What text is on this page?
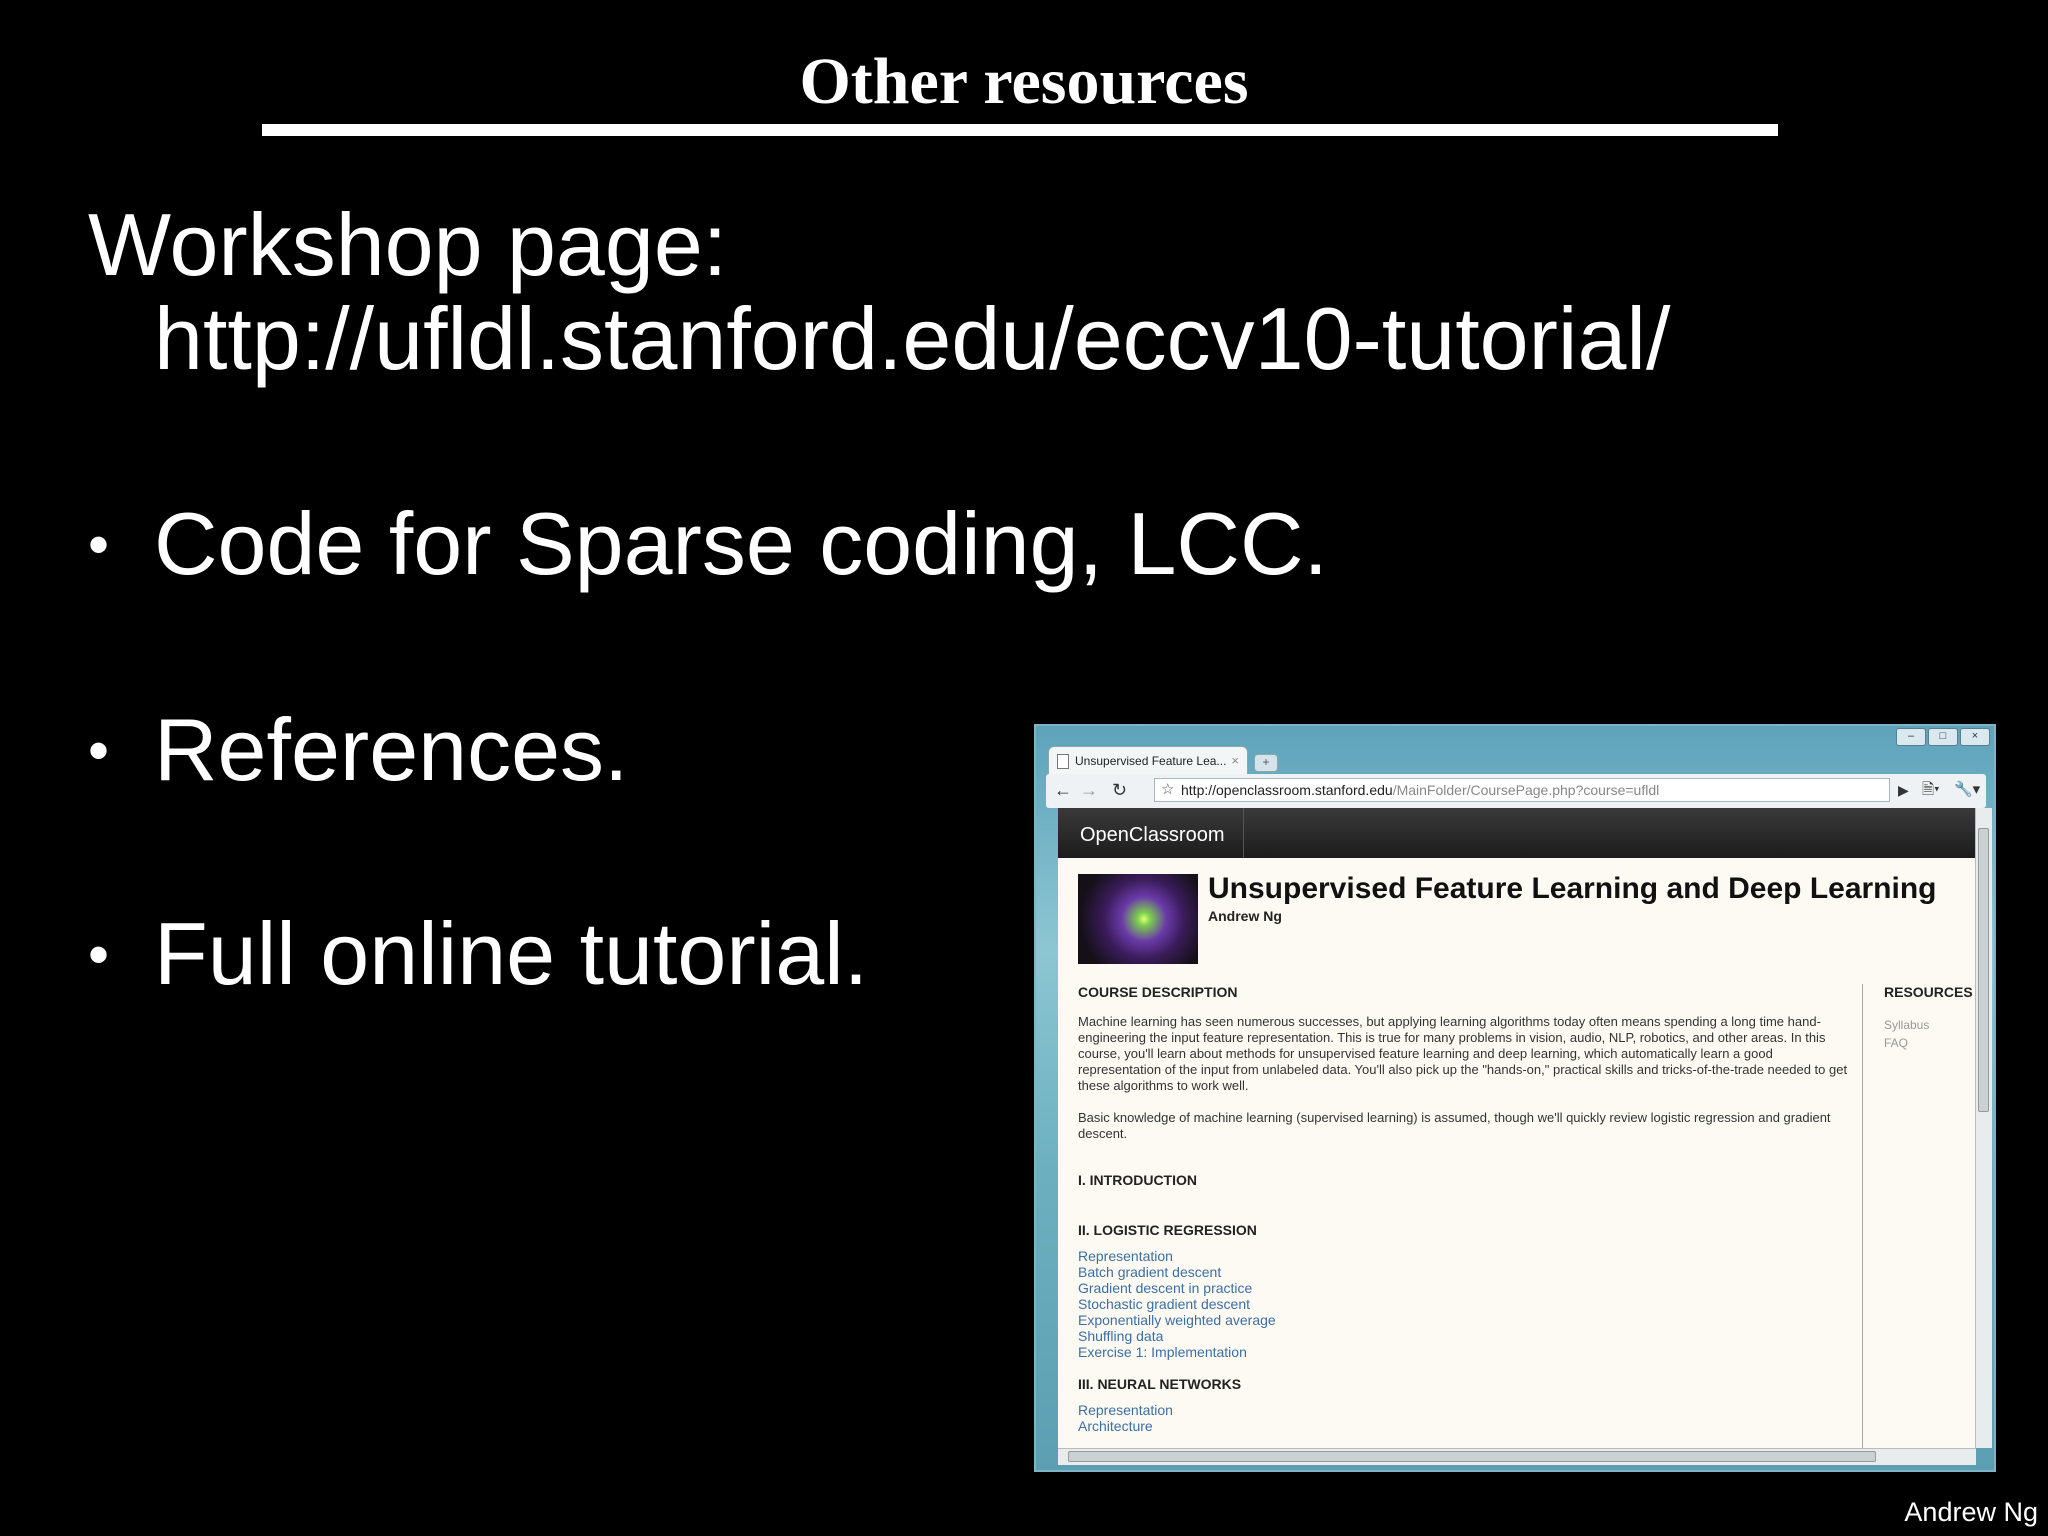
Other resources
Workshop page:
http://ufldl.stanford.edu/eccv10-tutorial/
• Code for Sparse coding, LCC.
• References.
• Full online tutorial.
–	□	×
Unsupervised Feature Lea... ×	+
← → ↻ ☆ http://openclassroom.stanford.edu/MainFolder/CoursePage.php?course=ufldl	▶ 🗎▾ 🔧▾
OpenClassroom
Unsupervised Feature Learning and Deep Learning
Andrew Ng

COURSE DESCRIPTION

Machine learning has seen numerous successes, but applying learning algorithms today often means spending a long time hand-engineering the input feature representation. This is true for many problems in vision, audio, NLP, robotics, and other areas. In this course, you'll learn about methods for unsupervised feature learning and deep learning, which automatically learn a good representation of the input from unlabeled data. You'll also pick up the "hands-on," practical skills and tricks-of-the-trade needed to get these algorithms to work well.

Basic knowledge of machine learning (supervised learning) is assumed, though we'll quickly review logistic regression and gradient descent.

I. INTRODUCTION

II. LOGISTIC REGRESSION

Representation
Batch gradient descent
Gradient descent in practice
Stochastic gradient descent
Exponentially weighted average
Shuffling data
Exercise 1: Implementation

III. NEURAL NETWORKS

Representation
Architecture
RESOURCES
Syllabus
FAQ
Andrew Ng
